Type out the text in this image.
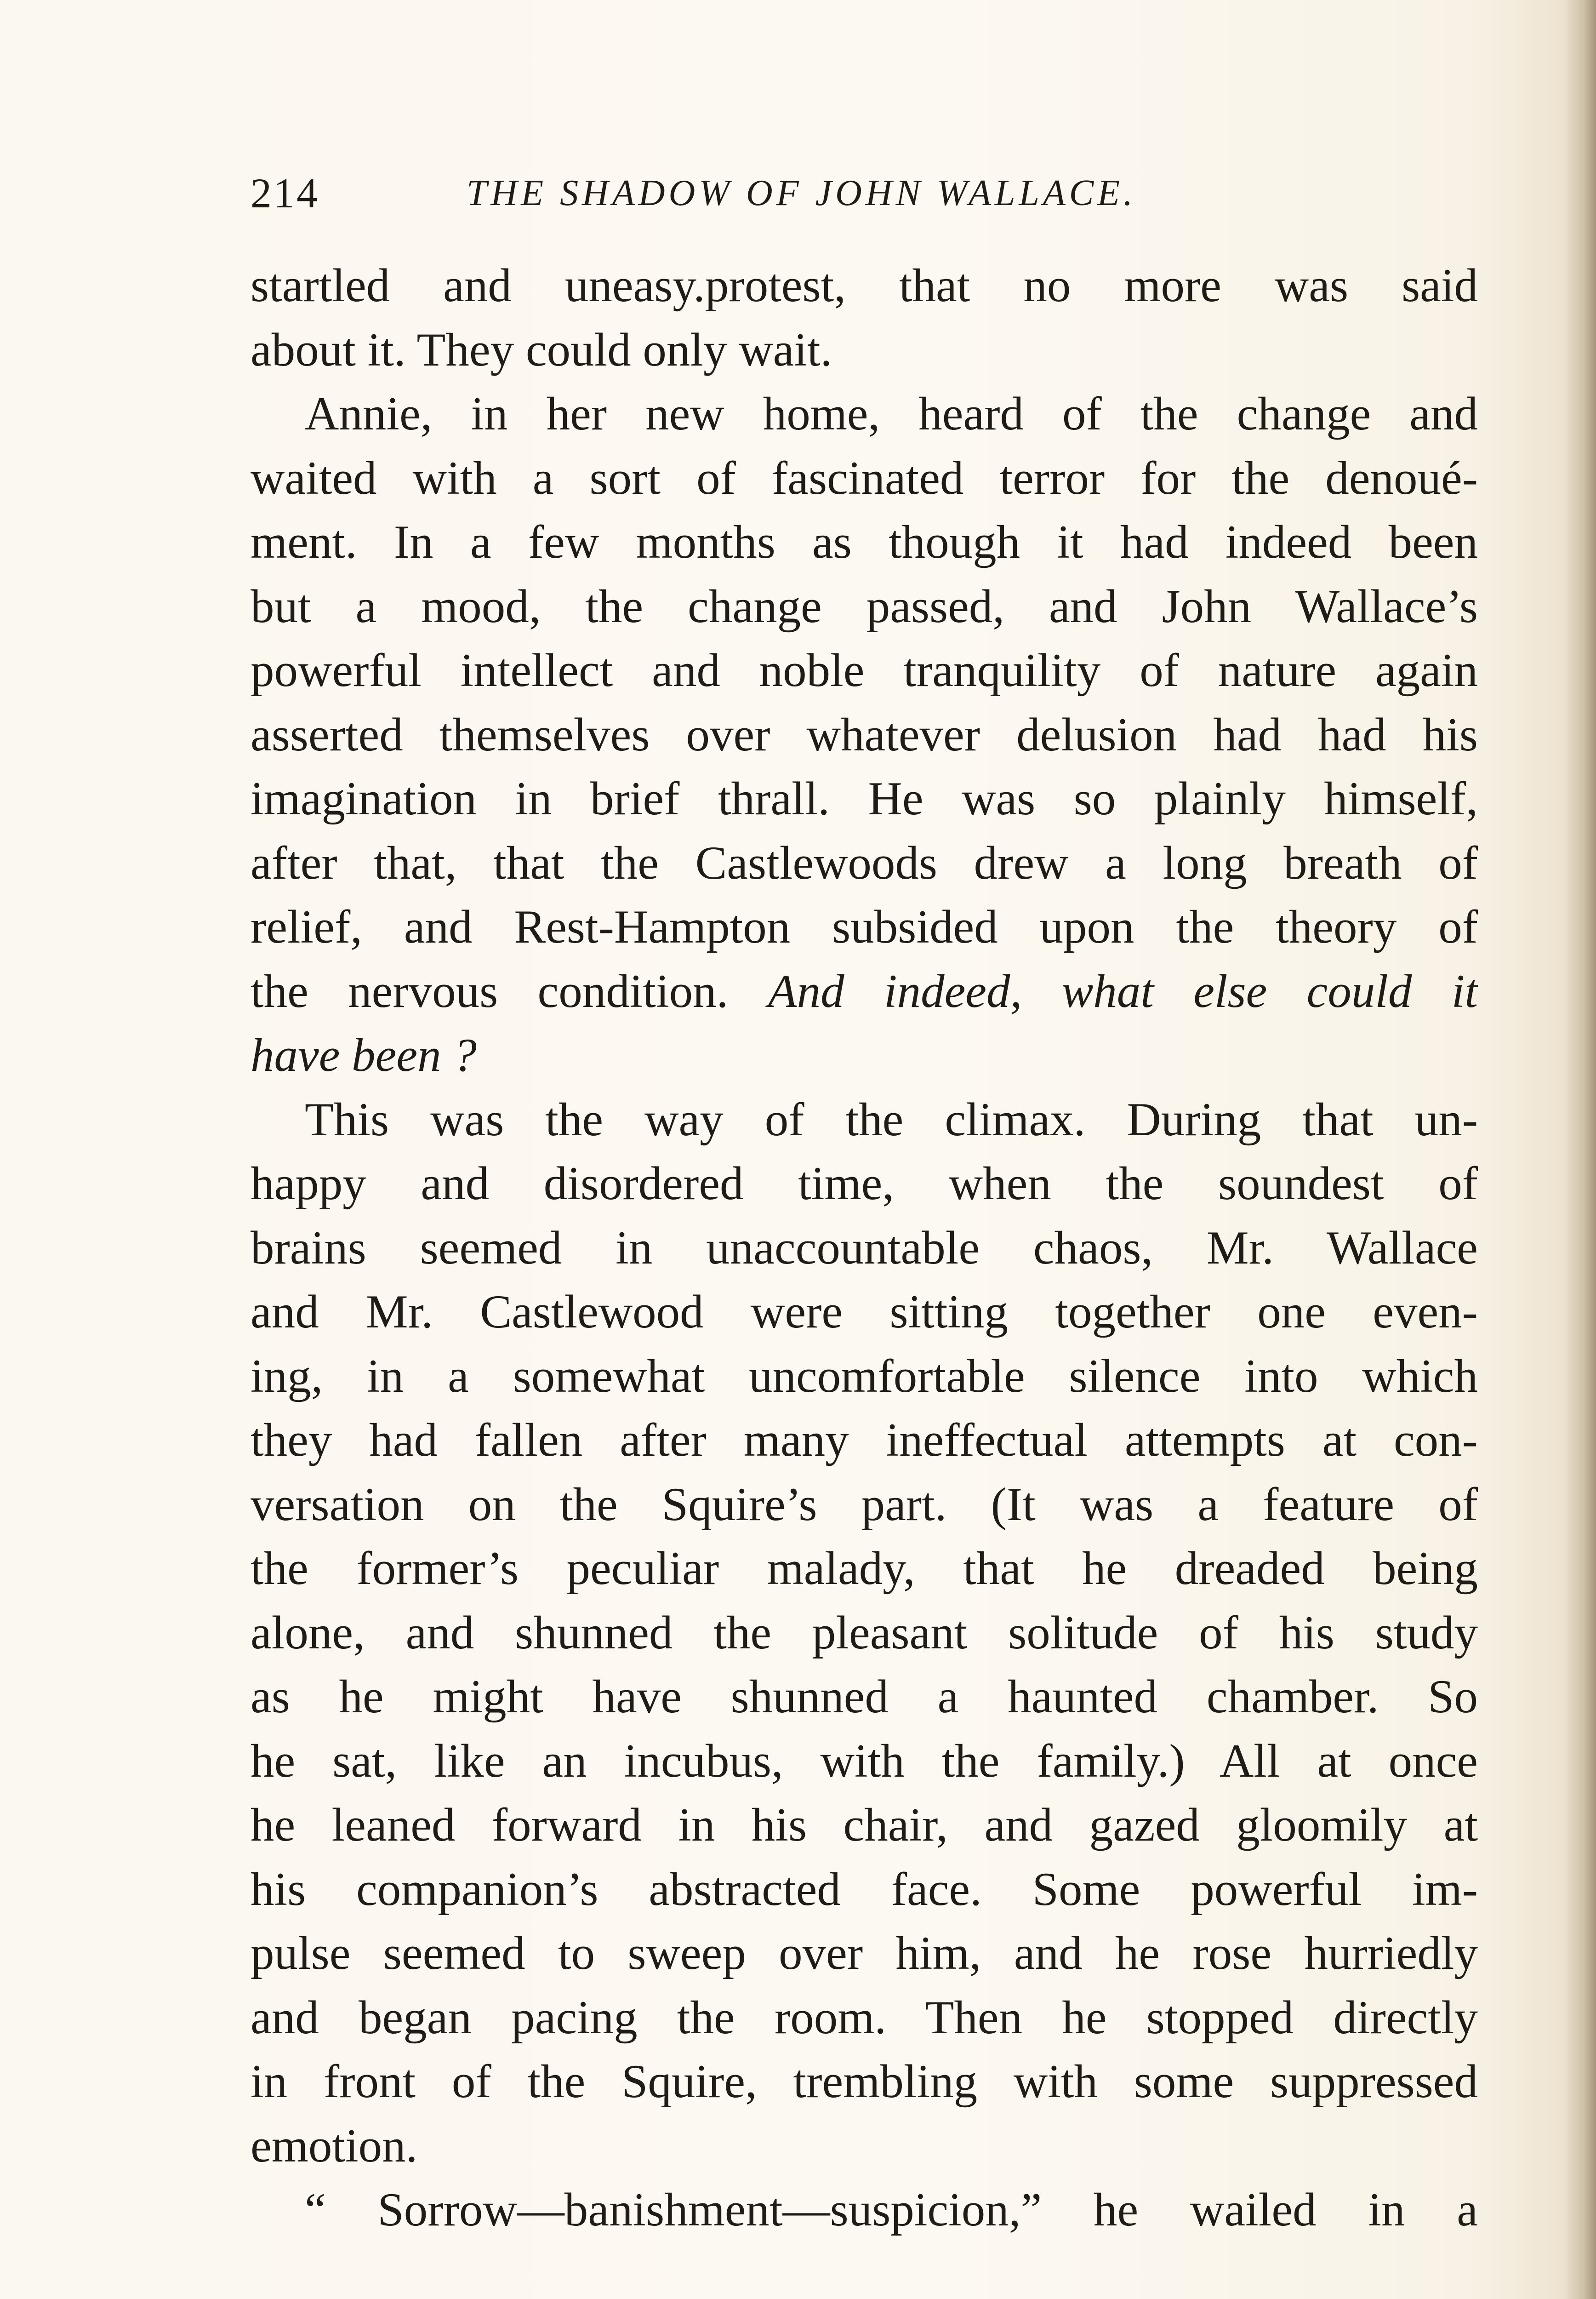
214	THE SHADOW OF JOHN WALLACE.
startled and uneasy.protest, that no more was said
about it. They could only wait.
Annie, in her new home, heard of the change and
waited with a sort of fascinated terror for the denoué-
ment. In a few months as though it had indeed been
but a mood, the change passed, and John Wallace’s
powerful intellect and noble tranquility of nature again
asserted themselves over whatever delusion had had his
imagination in brief thrall. He was so plainly himself,
after that, that the Castlewoods drew a long breath of
relief, and Rest-Hampton subsided upon the theory of
the nervous condition. And indeed, what else could it
have been ?
This was the way of the climax. During that un-
happy and disordered time, when the soundest of
brains seemed in unaccountable chaos, Mr. Wallace
and Mr. Castlewood were sitting together one even-
ing, in a somewhat uncomfortable silence into which
they had fallen after many ineffectual attempts at con-
versation on the Squire’s part. (It was a feature of
the former’s peculiar malady, that he dreaded being
alone, and shunned the pleasant solitude of his study
as he might have shunned a haunted chamber. So
he sat, like an incubus, with the family.) All at once
he leaned forward in his chair, and gazed gloomily at
his companion’s abstracted face. Some powerful im-
pulse seemed to sweep over him, and he rose hurriedly
and began pacing the room. Then he stopped directly
in front of the Squire, trembling with some suppressed
emotion.
“ Sorrow—banishment—suspicion,” he wailed in a
